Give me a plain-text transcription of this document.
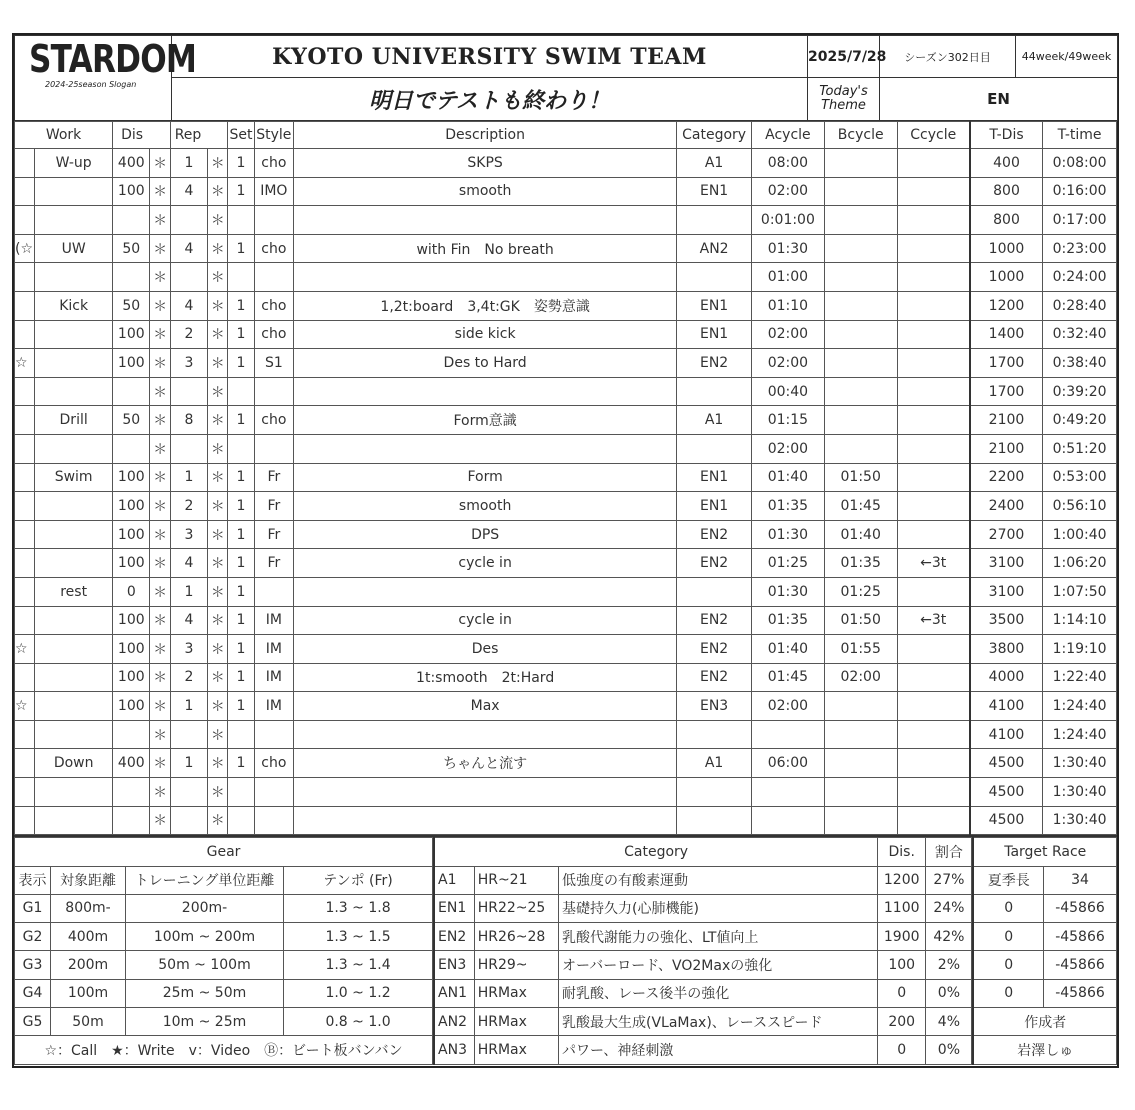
STARDOM
2024-25season Slogan	KYOTO UNIVERSITY SWIM TEAM	2025/7/28	シーズン302日目	44week/49week
	明日でテストも終わり！	Today's
Theme	EN	
Work		Dis		Rep		Set	Style	Description	Category	Acycle	Bcycle	Ccycle	T-Dis	T-time
	W-up	400	＊	1	＊	1	cho	SKPS	A1	08:00			400	0:08:00
		100	＊	4	＊	1	IMO	smooth	EN1	02:00			800	0:16:00
			＊		＊					0:01:00			800	0:17:00
(☆	UW	50	＊	4	＊	1	cho	with Fin　No breath	AN2	01:30			1000	0:23:00
			＊		＊					01:00			1000	0:24:00
	Kick	50	＊	4	＊	1	cho	1,2t:board　3,4t:GK　姿勢意識	EN1	01:10			1200	0:28:40
		100	＊	2	＊	1	cho	side kick	EN1	02:00			1400	0:32:40
☆		100	＊	3	＊	1	S1	Des to Hard	EN2	02:00			1700	0:38:40
			＊		＊					00:40			1700	0:39:20
	Drill	50	＊	8	＊	1	cho	Form意識	A1	01:15			2100	0:49:20
			＊		＊					02:00			2100	0:51:20
	Swim	100	＊	1	＊	1	Fr	Form	EN1	01:40	01:50		2200	0:53:00
		100	＊	2	＊	1	Fr	smooth	EN1	01:35	01:45		2400	0:56:10
		100	＊	3	＊	1	Fr	DPS	EN2	01:30	01:40		2700	1:00:40
		100	＊	4	＊	1	Fr	cycle in	EN2	01:25	01:35	←3t	3100	1:06:20
	rest	0	＊	1	＊	1				01:30	01:25		3100	1:07:50
		100	＊	4	＊	1	IM	cycle in	EN2	01:35	01:50	←3t	3500	1:14:10
☆		100	＊	3	＊	1	IM	Des	EN2	01:40	01:55		3800	1:19:10
		100	＊	2	＊	1	IM	1t:smooth　2t:Hard	EN2	01:45	02:00		4000	1:22:40
☆		100	＊	1	＊	1	IM	Max	EN3	02:00			4100	1:24:40
			＊		＊								4100	1:24:40
	Down	400	＊	1	＊	1	cho	ちゃんと流す	A1	06:00			4500	1:30:40
			＊		＊								4500	1:30:40
			＊		＊								4500	1:30:40
Gear			
表示	対象距離	トレーニング単位距離	テンポ (Fr)
G1	800m-	200m-	1.3 ~ 1.8
G2	400m	100m ~ 200m	1.3 ~ 1.5
G3	200m	50m ~ 100m	1.3 ~ 1.4
G4	100m	25m ~ 50m	1.0 ~ 1.2
G5	50m	10m ~ 25m	0.8 ~ 1.0
☆：Call　★：Write　v：Video　Ⓑ：ビート板バンバン			
Category			Dis.	割合
A1	HR~21	低強度の有酸素運動	1200	27%
EN1	HR22~25	基礎持久力(心肺機能)	1100	24%
EN2	HR26~28	乳酸代謝能力の強化、LT値向上	1900	42%
EN3	HR29~	オーバーロード、VO2Maxの強化	100	2%
AN1	HRMax	耐乳酸、レース後半の強化	0	0%
AN2	HRMax	乳酸最大生成(VLaMax)、レーススピード	200	4%
AN3	HRMax	パワー、神経刺激	0	0%
Target Race	
夏季長	34
0	-45866
0	-45866
0	-45866
0	-45866
作成者	
岩澤しゅ	
